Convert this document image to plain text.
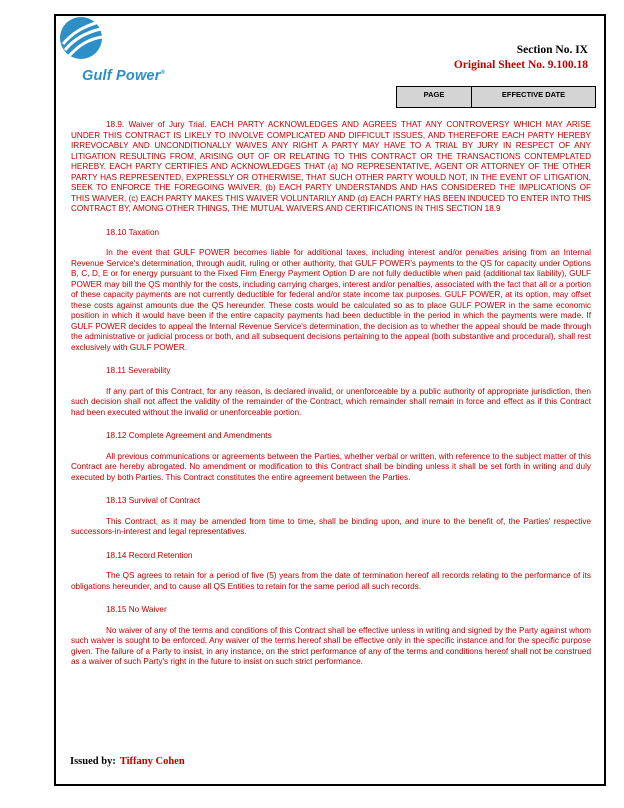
Gulf Power®
Section No. IX
Original Sheet No. 9.100.18
PAGE	EFFECTIVE DATE

18.9. Waiver of Jury Trial. EACH PARTY ACKNOWLEDGES AND AGREES THAT ANY CONTROVERSY WHICH MAY ARISE UNDER THIS CONTRACT IS LIKELY TO INVOLVE COMPLICATED AND DIFFICULT ISSUES, AND THEREFORE EACH PARTY HEREBY IRREVOCABLY AND UNCONDITIONALLY WAIVES ANY RIGHT A PARTY MAY HAVE TO A TRIAL BY JURY IN RESPECT OF ANY LITIGATION RESULTING FROM, ARISING OUT OF OR RELATING TO THIS CONTRACT OR THE TRANSACTIONS CONTEMPLATED HEREBY. EACH PARTY CERTIFIES AND ACKNOWLEDGES THAT (a) NO REPRESENTATIVE, AGENT OR ATTORNEY OF THE OTHER PARTY HAS REPRESENTED, EXPRESSLY OR OTHERWISE, THAT SUCH OTHER PARTY WOULD NOT, IN THE EVENT OF LITIGATION, SEEK TO ENFORCE THE FOREGOING WAIVER, (b) EACH PARTY UNDERSTANDS AND HAS CONSIDERED THE IMPLICATIONS OF THIS WAIVER, (c) EACH PARTY MAKES THIS WAIVER VOLUNTARILY AND (d) EACH PARTY HAS BEEN INDUCED TO ENTER INTO THIS CONTRACT BY, AMONG OTHER THINGS, THE MUTUAL WAIVERS AND CERTIFICATIONS IN THIS SECTION 18.9

18.10 Taxation

In the event that GULF POWER becomes liable for additional taxes, including interest and/or penalties arising from an Internal Revenue Service's determination, through audit, ruling or other authority, that GULF POWER's payments to the QS for capacity under Options B, C, D, E or for energy pursuant to the Fixed Firm Energy Payment Option D are not fully deductible when paid (additional tax liability), GULF POWER may bill the QS monthly for the costs, including carrying charges, interest and/or penalties, associated with the fact that all or a portion of these capacity payments are not currently deductible for federal and/or state income tax purposes. GULF POWER, at its option, may offset these costs against amounts due the QS hereunder. These costs would be calculated so as to place GULF POWER in the same economic position in which it would have been if the entire capacity payments had been deductible in the period in which the payments were made. If GULF POWER decides to appeal the Internal Revenue Service's determination, the decision as to whether the appeal should be made through the administrative or judicial process or both, and all subsequent decisions pertaining to the appeal (both substantive and procedural), shall rest exclusively with GULF POWER.

18.11 Severability

If any part of this Contract, for any reason, is declared invalid, or unenforceable by a public authority of appropriate jurisdiction, then such decision shall not affect the validity of the remainder of the Contract, which remainder shall remain in force and effect as if this Contract had been executed without the invalid or unenforceable portion.

18.12 Complete Agreement and Amendments

All previous communications or agreements between the Parties, whether verbal or written, with reference to the subject matter of this Contract are hereby abrogated. No amendment or modification to this Contract shall be binding unless it shall be set forth in writing and duly executed by both Parties. This Contract constitutes the entire agreement between the Parties.

18.13 Survival of Contract

This Contract, as it may be amended from time to time, shall be binding upon, and inure to the benefit of, the Parties' respective successors-in-interest and legal representatives.

18.14 Record Retention

The QS agrees to retain for a period of five (5) years from the date of termination hereof all records relating to the performance of its obligations hereunder, and to cause all QS Entities to retain for the same period all such records.

18.15 No Waiver

No waiver of any of the terms and conditions of this Contract shall be effective unless in writing and signed by the Party against whom such waiver is sought to be enforced. Any waiver of the terms hereof shall be effective only in the specific instance and for the specific purpose given. The failure of a Party to insist, in any instance, on the strict performance of any of the terms and conditions hereof shall not be construed as a waiver of such Party's right in the future to insist on such strict performance.

Issued by: Tiffany Cohen
